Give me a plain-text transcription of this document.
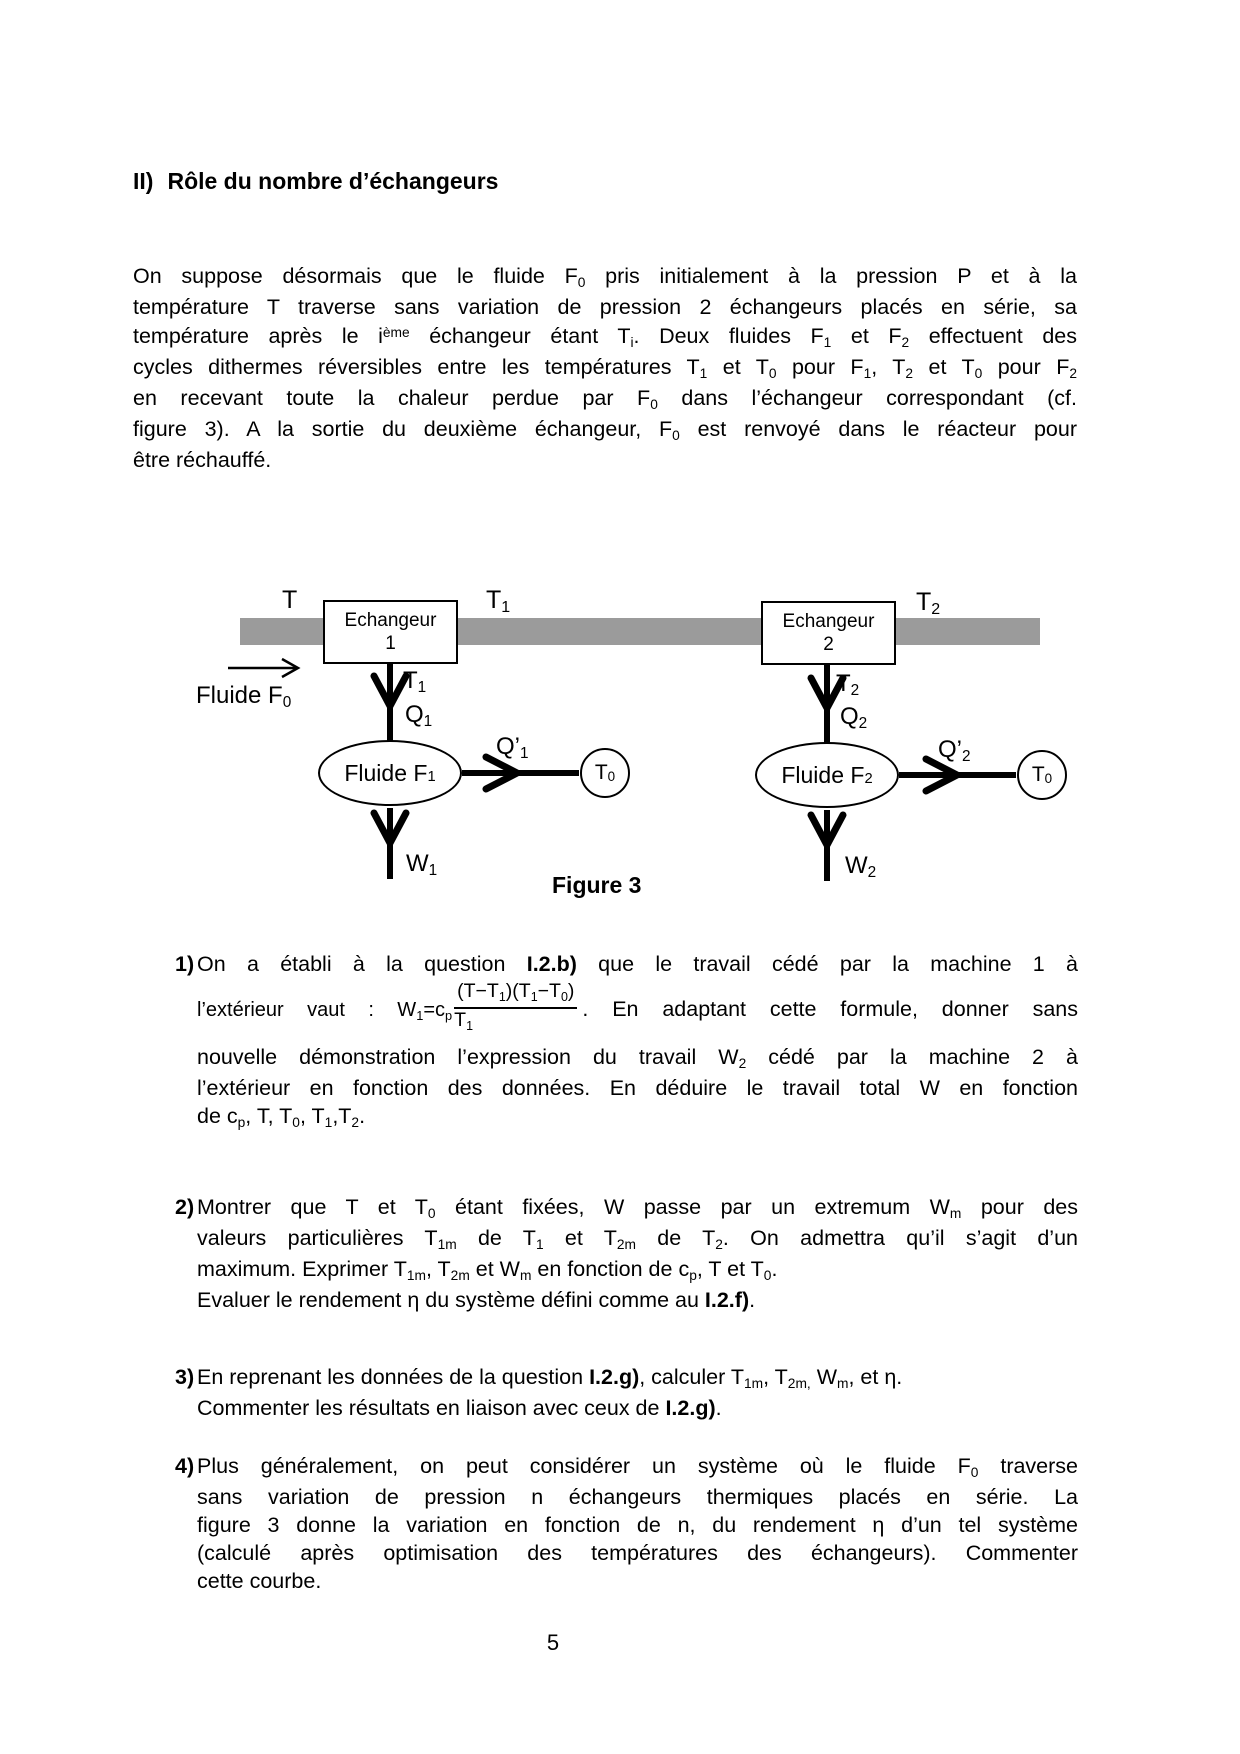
II) Rôle du nombre d’échangeurs
On suppose désormais que le fluide F0 pris initialement à la pression P et à la
température T traverse sans variation de pression 2 échangeurs placés en série, sa
température après le $i^{ème}$ échangeur étant Ti. Deux fluides F1 et F2 effectuent des
cycles dithermes réversibles entre les températures T1 et T0 pour F1, T2 et T0 pour F2
en recevant toute la chaleur perdue par F0 dans l’échangeur correspondant (cf.
figure 3). A la sortie du deuxième échangeur, F0 est renvoyé dans le réacteur pour
être réchauffé.
Echangeur
1
Echangeur
2
Fluide F 1	Fluide F 2
T 0	T 0
T	T1	T2
Fluide F0
T1
Q1
T2
Q2
Q’1	Q’2
W1	W2
Figure 3
1) On a établi à la question I.2.b) que le travail cédé par la machine 1 à
l’extérieur vaut : $W1=cp \frac{(T-T1)(T1-T0)}{T1}$ . En adaptant cette formule, donner sans
nouvelle démonstration l’expression du travail W2 cédé par la machine 2 à
l’extérieur en fonction des données. En déduire le travail total W en fonction
de cp, T, T0, T1,T2.
2) Montrer que T et T0 étant fixées, W passe par un extremum Wm pour des
valeurs particulières T1m de T1 et T2m de T2. On admettra qu’il s’agit d’un
maximum. Exprimer T1m, T2m et Wm en fonction de cp, T et T0.
Evaluer le rendement η du système défini comme au I.2.f).
3) En reprenant les données de la question I.2.g), calculer T1m, T2m, Wm, et η.
Commenter les résultats en liaison avec ceux de I.2.g).
4) Plus généralement, on peut considérer un système où le fluide F0 traverse
sans variation de pression n échangeurs thermiques placés en série. La
figure 3 donne la variation en fonction de n, du rendement η d’un tel système
(calculé après optimisation des températures des échangeurs). Commenter
cette courbe.
5
